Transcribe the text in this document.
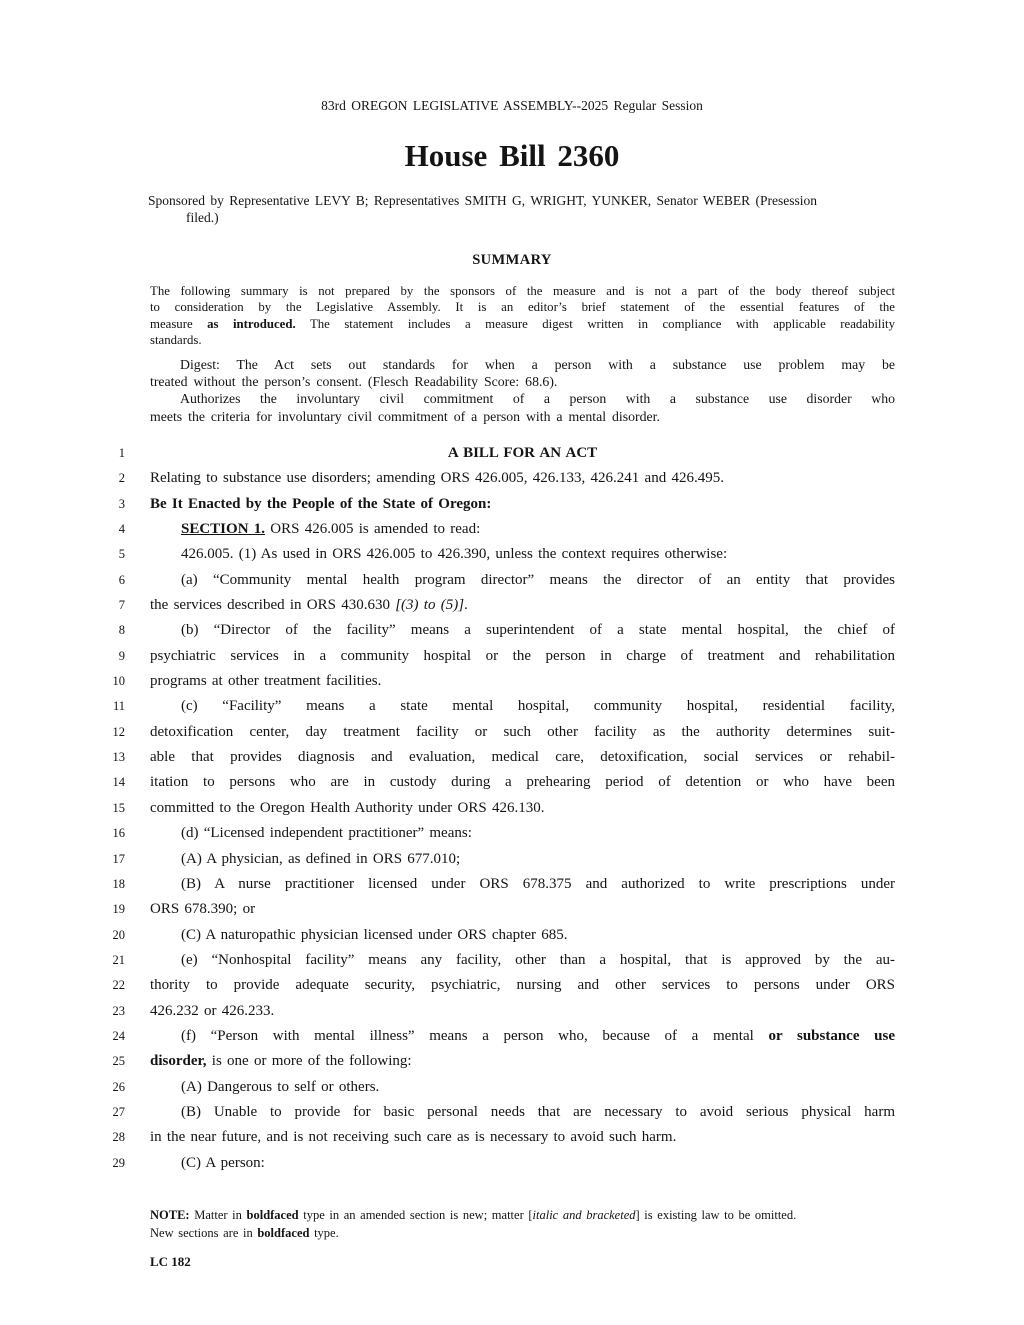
83rd OREGON LEGISLATIVE ASSEMBLY--2025 Regular Session
House Bill 2360
Sponsored by Representative LEVY B; Representatives SMITH G, WRIGHT, YUNKER, Senator WEBER (Presession
filed.)
SUMMARY
The following summary is not prepared by the sponsors of the measure and is not a part of the body thereof subject
to consideration by the Legislative Assembly. It is an editor’s brief statement of the essential features of the
measure as introduced. The statement includes a measure digest written in compliance with applicable readability
standards.
Digest: The Act sets out standards for when a person with a substance use problem may be
treated without the person’s consent. (Flesch Readability Score: 68.6).
Authorizes the involuntary civil commitment of a person with a substance use disorder who
meets the criteria for involuntary civil commitment of a person with a mental disorder.
1	A BILL FOR AN ACT
2 Relating to substance use disorders; amending ORS 426.005, 426.133, 426.241 and 426.495.
3 Be It Enacted by the People of the State of Oregon:
4	SECTION 1. ORS 426.005 is amended to read:
5	426.005. (1) As used in ORS 426.005 to 426.390, unless the context requires otherwise:
6	(a) “Community mental health program director” means the director of an entity that provides
7 the services described in ORS 430.630 [(3) to (5)].
8	(b) “Director of the facility” means a superintendent of a state mental hospital, the chief of
9 psychiatric services in a community hospital or the person in charge of treatment and rehabilitation
10 programs at other treatment facilities.
11	(c) “Facility” means a state mental hospital, community hospital, residential facility,
12 detoxification center, day treatment facility or such other facility as the authority determines suit-
13 able that provides diagnosis and evaluation, medical care, detoxification, social services or rehabil-
14 itation to persons who are in custody during a prehearing period of detention or who have been
15 committed to the Oregon Health Authority under ORS 426.130.
16	(d) “Licensed independent practitioner” means:
17	(A) A physician, as defined in ORS 677.010;
18	(B) A nurse practitioner licensed under ORS 678.375 and authorized to write prescriptions under
19 ORS 678.390; or
20	(C) A naturopathic physician licensed under ORS chapter 685.
21	(e) “Nonhospital facility” means any facility, other than a hospital, that is approved by the au-
22 thority to provide adequate security, psychiatric, nursing and other services to persons under ORS
23 426.232 or 426.233.
24	(f) “Person with mental illness” means a person who, because of a mental or substance use
25 disorder, is one or more of the following:
26	(A) Dangerous to self or others.
27	(B) Unable to provide for basic personal needs that are necessary to avoid serious physical harm
28 in the near future, and is not receiving such care as is necessary to avoid such harm.
29	(C) A person:
NOTE: Matter in boldfaced type in an amended section is new; matter [italic and bracketed] is existing law to be omitted.
New sections are in boldfaced type.
LC 182
